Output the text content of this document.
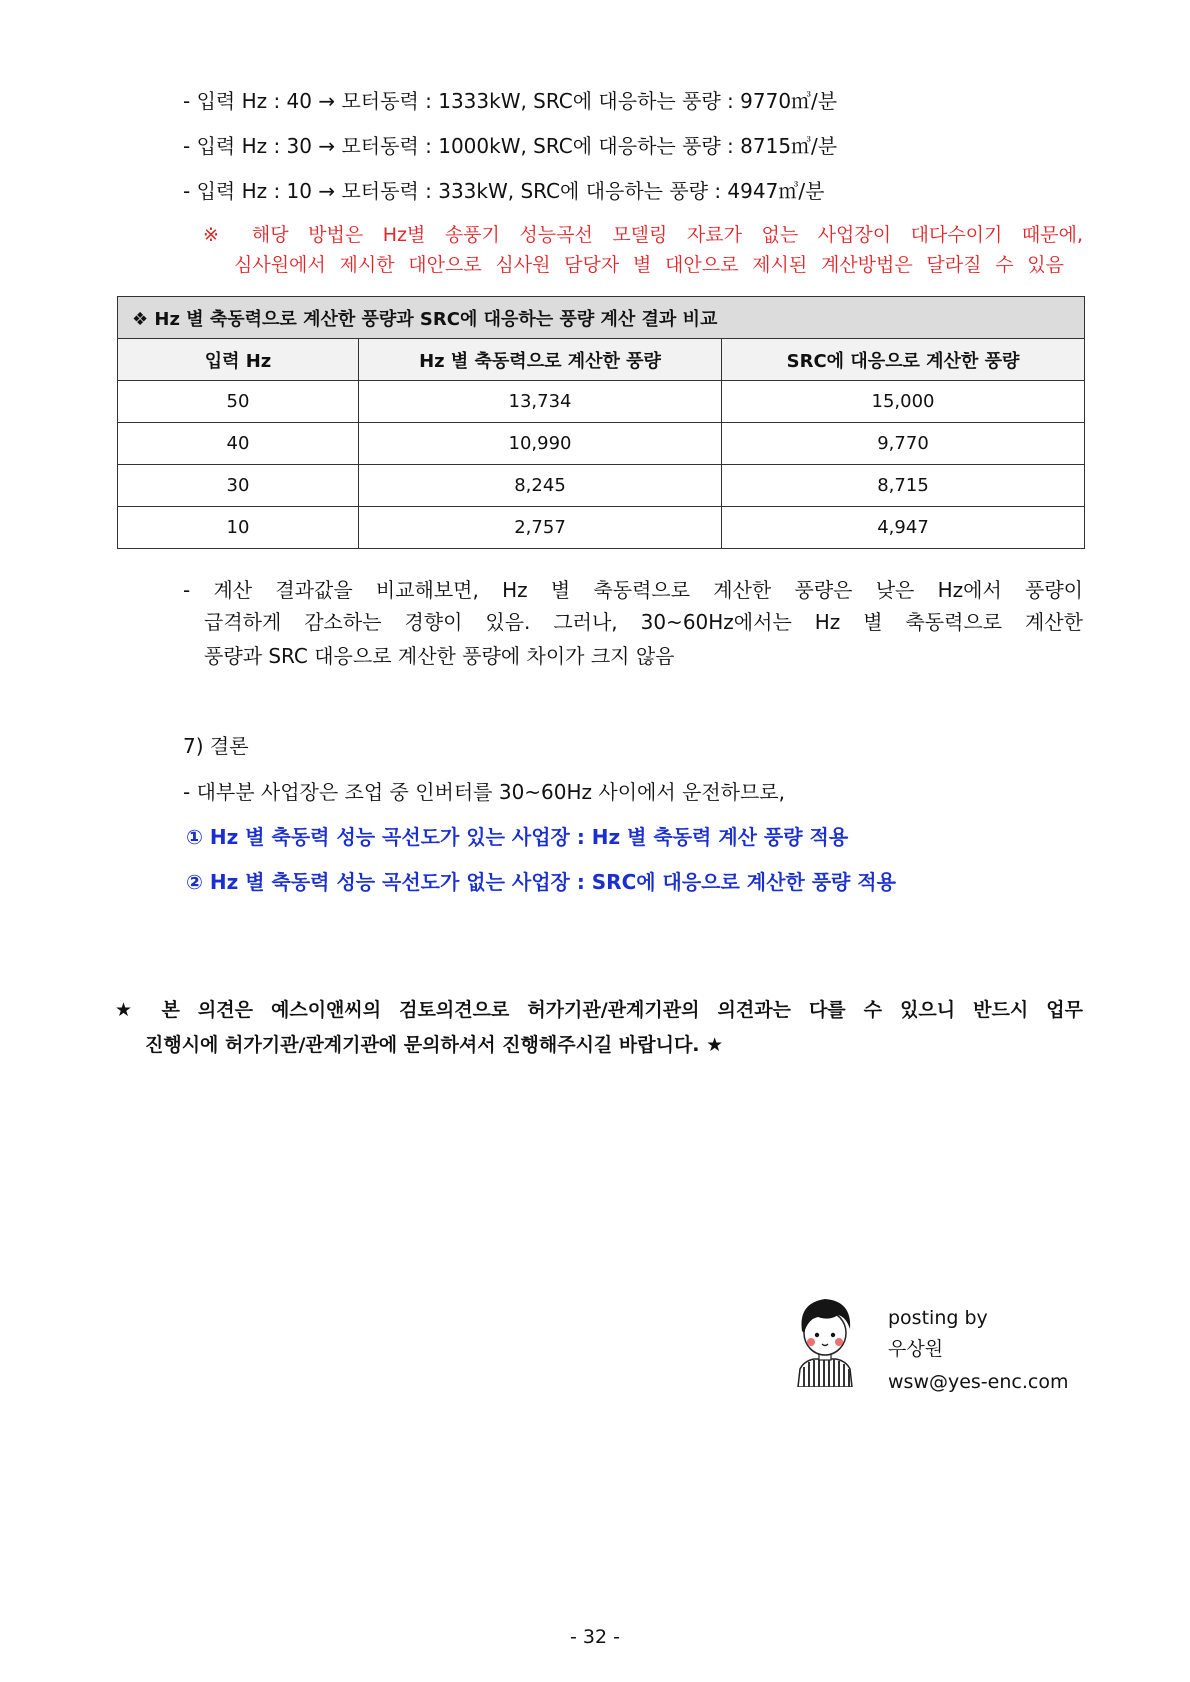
- 입력 Hz : 40 → 모터동력 : 1333kW, SRC에 대응하는 풍량 : 9770㎥/분
- 입력 Hz : 30 → 모터동력 : 1000kW, SRC에 대응하는 풍량 : 8715㎥/분
- 입력 Hz : 10 → 모터동력 : 333kW, SRC에 대응하는 풍량 : 4947㎥/분
※ 해당 방법은 Hz별 송풍기 성능곡선 모델링 자료가 없는 사업장이 대다수이기 때문에,
심사원에서 제시한 대안으로 심사원 담당자 별 대안으로 제시된 계산방법은 달라질 수 있음
❖ Hz 별 축동력으로 계산한 풍량과 SRC에 대응하는 풍량 계산 결과 비교		
입력 Hz	Hz 별 축동력으로 계산한 풍량	SRC에 대응으로 계산한 풍량
50	13,734	15,000
40	10,990	9,770
30	8,245	8,715
10	2,757	4,947
- 계산 결과값을 비교해보면, Hz 별 축동력으로 계산한 풍량은 낮은 Hz에서 풍량이
급격하게 감소하는 경향이 있음. 그러나, 30~60Hz에서는 Hz 별 축동력으로 계산한
풍량과 SRC 대응으로 계산한 풍량에 차이가 크지 않음
7) 결론
- 대부분 사업장은 조업 중 인버터를 30~60Hz 사이에서 운전하므로,
① Hz 별 축동력 성능 곡선도가 있는 사업장 : Hz 별 축동력 계산 풍량 적용
② Hz 별 축동력 성능 곡선도가 없는 사업장 : SRC에 대응으로 계산한 풍량 적용
★ 본 의견은 예스이앤씨의 검토의견으로 허가기관/관계기관의 의견과는 다를 수 있으니 반드시 업무
진행시에 허가기관/관계기관에 문의하셔서 진행해주시길 바랍니다. ★
posting by
우상원
wsw@yes-enc.com
- 32 -
